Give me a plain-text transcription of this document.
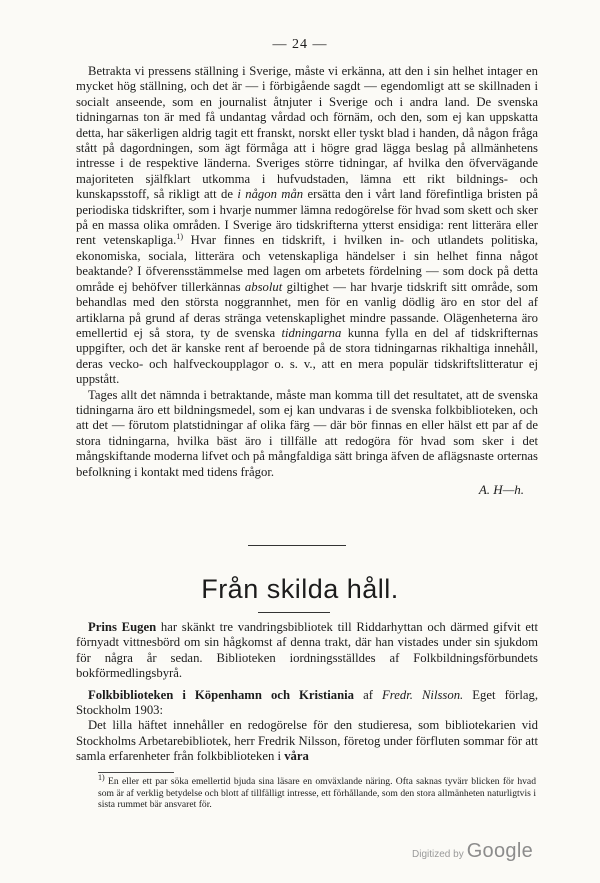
— 24 —

Betrakta vi pressens ställning i Sverige, måste vi erkänna, att den i sin helhet intager en mycket hög ställning, och det är — i förbigående sagdt — egendomligt att se skillnaden i socialt anseende, som en journalist åtnjuter i Sverige och i andra land. De svenska tidningarnas ton är med få undantag vårdad och förnäm, och den, som ej kan uppskatta detta, har säkerligen aldrig tagit ett franskt, norskt eller tyskt blad i handen, då någon fråga stått på dagordningen, som ägt förmåga att i högre grad lägga beslag på allmänhetens intresse i de respektive länderna. Sveriges större tidningar, af hvilka den öfvervägande majoriteten själfklart utkomma i hufvudstaden, lämna ett rikt bildnings- och kunskapsstoff, så rikligt att de i någon mån ersätta den i vårt land förefintliga bristen på periodiska tidskrifter, som i hvarje nummer lämna redogörelse för hvad som skett och sker på en massa olika områden. I Sverige äro tidskrifterna ytterst ensidiga: rent litterära eller rent vetenskapliga.$^{1)}$ Hvar finnes en tidskrift, i hvilken in- och utlandets politiska, ekonomiska, sociala, litterära och vetenskapliga händelser i sin helhet finna något beaktande? I öfverensstämmelse med lagen om arbetets fördelning — som dock på detta område ej behöfver tillerkännas absolut giltighet — har hvarje tidskrift sitt område, som behandlas med den största noggrannhet, men för en vanlig dödlig äro en stor del af artiklarna på grund af deras stränga vetenskaplighet mindre passande. Olägenheterna äro emellertid ej så stora, ty de svenska tidningarna kunna fylla en del af tidskrifternas uppgifter, och det är kanske rent af beroende på de stora tidningarnas rikhaltiga innehåll, deras vecko- och halfveckoupplagor o. s. v., att en mera populär tidskriftslitteratur ej uppstått.

Tages allt det nämnda i betraktande, måste man komma till det resultatet, att de svenska tidningarna äro ett bildningsmedel, som ej kan undvaras i de svenska folkbiblioteken, och att det — förutom platstidningar af olika färg — där bör finnas en eller hälst ett par af de stora tidningarna, hvilka bäst äro i tillfälle att redogöra för hvad som sker i det mångskiftande moderna lifvet och på mångfaldiga sätt bringa äfven de aflägsnaste orternas befolkning i kontakt med tidens frågor.

A. H—h.

Från skilda håll.

Prins Eugen har skänkt tre vandringsbibliotek till Riddarhyttan och därmed gifvit ett förnyadt vittnesbörd om sin hågkomst af denna trakt, där han vistades under sin sjukdom för några år sedan. Biblioteken iordningsställdes af Folkbildningsförbundets bokförmedlingsbyrå.

Folkbiblioteken i Köpenhamn och Kristiania af Fredr. Nilsson. Eget förlag, Stockholm 1903:

Det lilla häftet innehåller en redogörelse för den studieresa, som bibliotekarien vid Stockholms Arbetarebibliotek, herr Fredrik Nilsson, företog under förfluten sommar för att samla erfarenheter från folkbiblioteken i våra

$^{1)}$ En eller ett par söka emellertid bjuda sina läsare en omväxlande näring. Ofta saknas tyvärr blicken för hvad som är af verklig betydelse och blott af tillfälligt intresse, ett förhållande, som den stora allmänheten naturligtvis i sista rummet bär ansvaret för.

Digitized by Google
